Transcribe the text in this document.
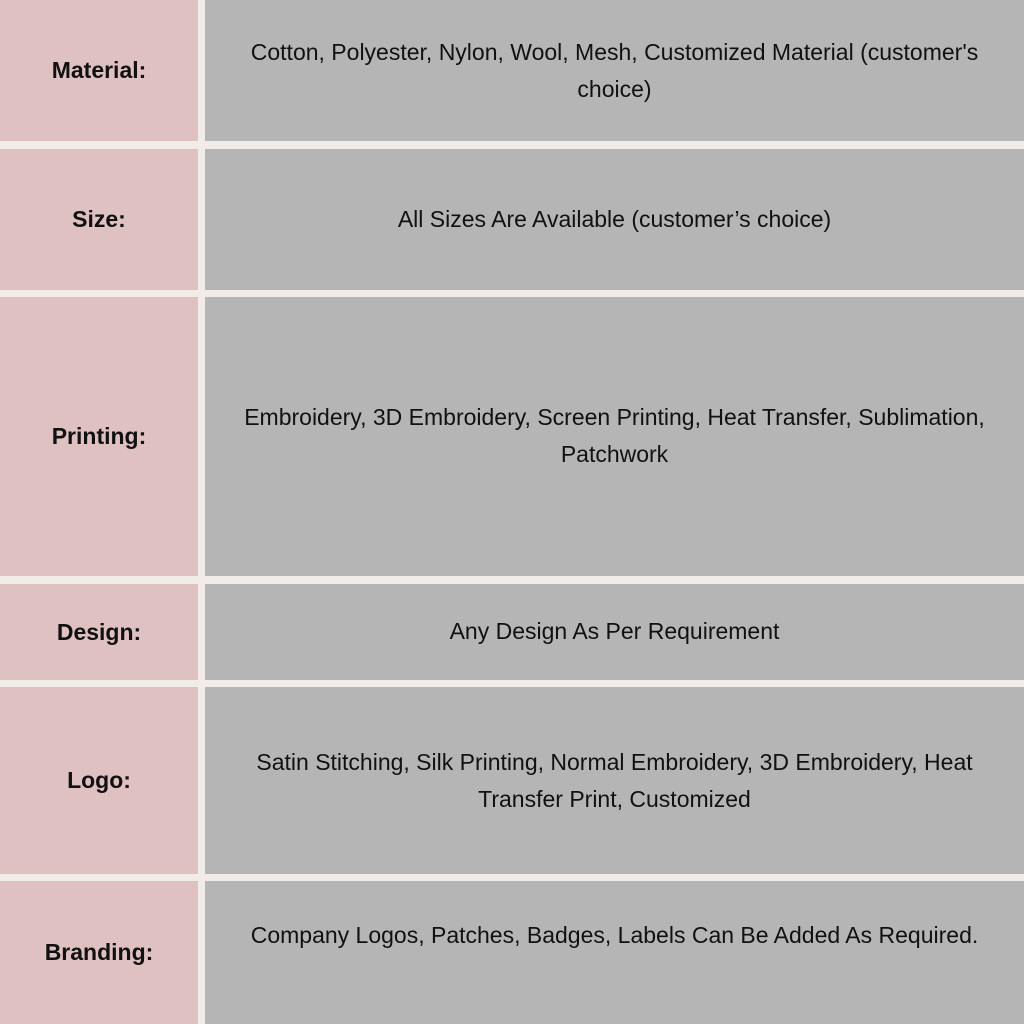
Material:
Cotton, Polyester, Nylon, Wool, Mesh, Customized Material (customer's choice)
Size:	All Sizes Are Available (customer’s choice)
Printing:
Embroidery, 3D Embroidery, Screen Printing, Heat Transfer, Sublimation, Patchwork
Design:	Any Design As Per Requirement
Logo:
Satin Stitching, Silk Printing, Normal Embroidery, 3D Embroidery, Heat Transfer Print, Customized
Branding:
Company Logos, Patches, Badges, Labels Can Be Added As Required.
